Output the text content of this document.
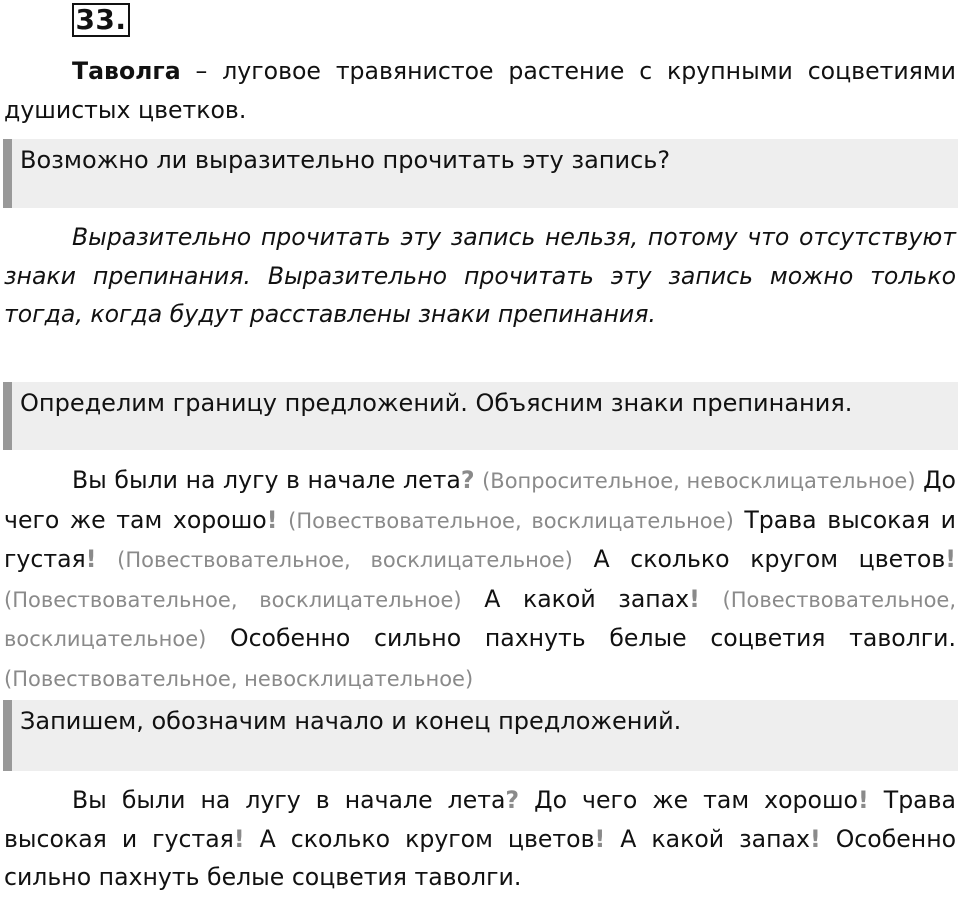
33.

Таволга – луговое травянистое растение с крупными соцветиями душистых цветков.

Возможно ли выразительно прочитать эту запись?

Выразительно прочитать эту запись нельзя, потому что отсутствуют знаки препинания. Выразительно прочитать эту запись можно только тогда, когда будут расставлены знаки препинания.

Определим границу предложений. Объясним знаки препинания.

Вы были на лугу в начале лета? (Вопросительное, невосклицательное) До чего же там хорошо! (Повествовательное, восклицательное) Трава высокая и густая! (Повествовательное, восклицательное) А сколько кругом цветов! (Повествовательное, восклицательное) А какой запах! (Повествовательное, восклицательное) Особенно сильно пахнуть белые соцветия таволги. (Повествовательное, невосклицательное)

Запишем, обозначим начало и конец предложений.

Вы были на лугу в начале лета? До чего же там хорошо! Трава высокая и густая! А сколько кругом цветов! А какой запах! Особенно сильно пахнуть белые соцветия таволги.
